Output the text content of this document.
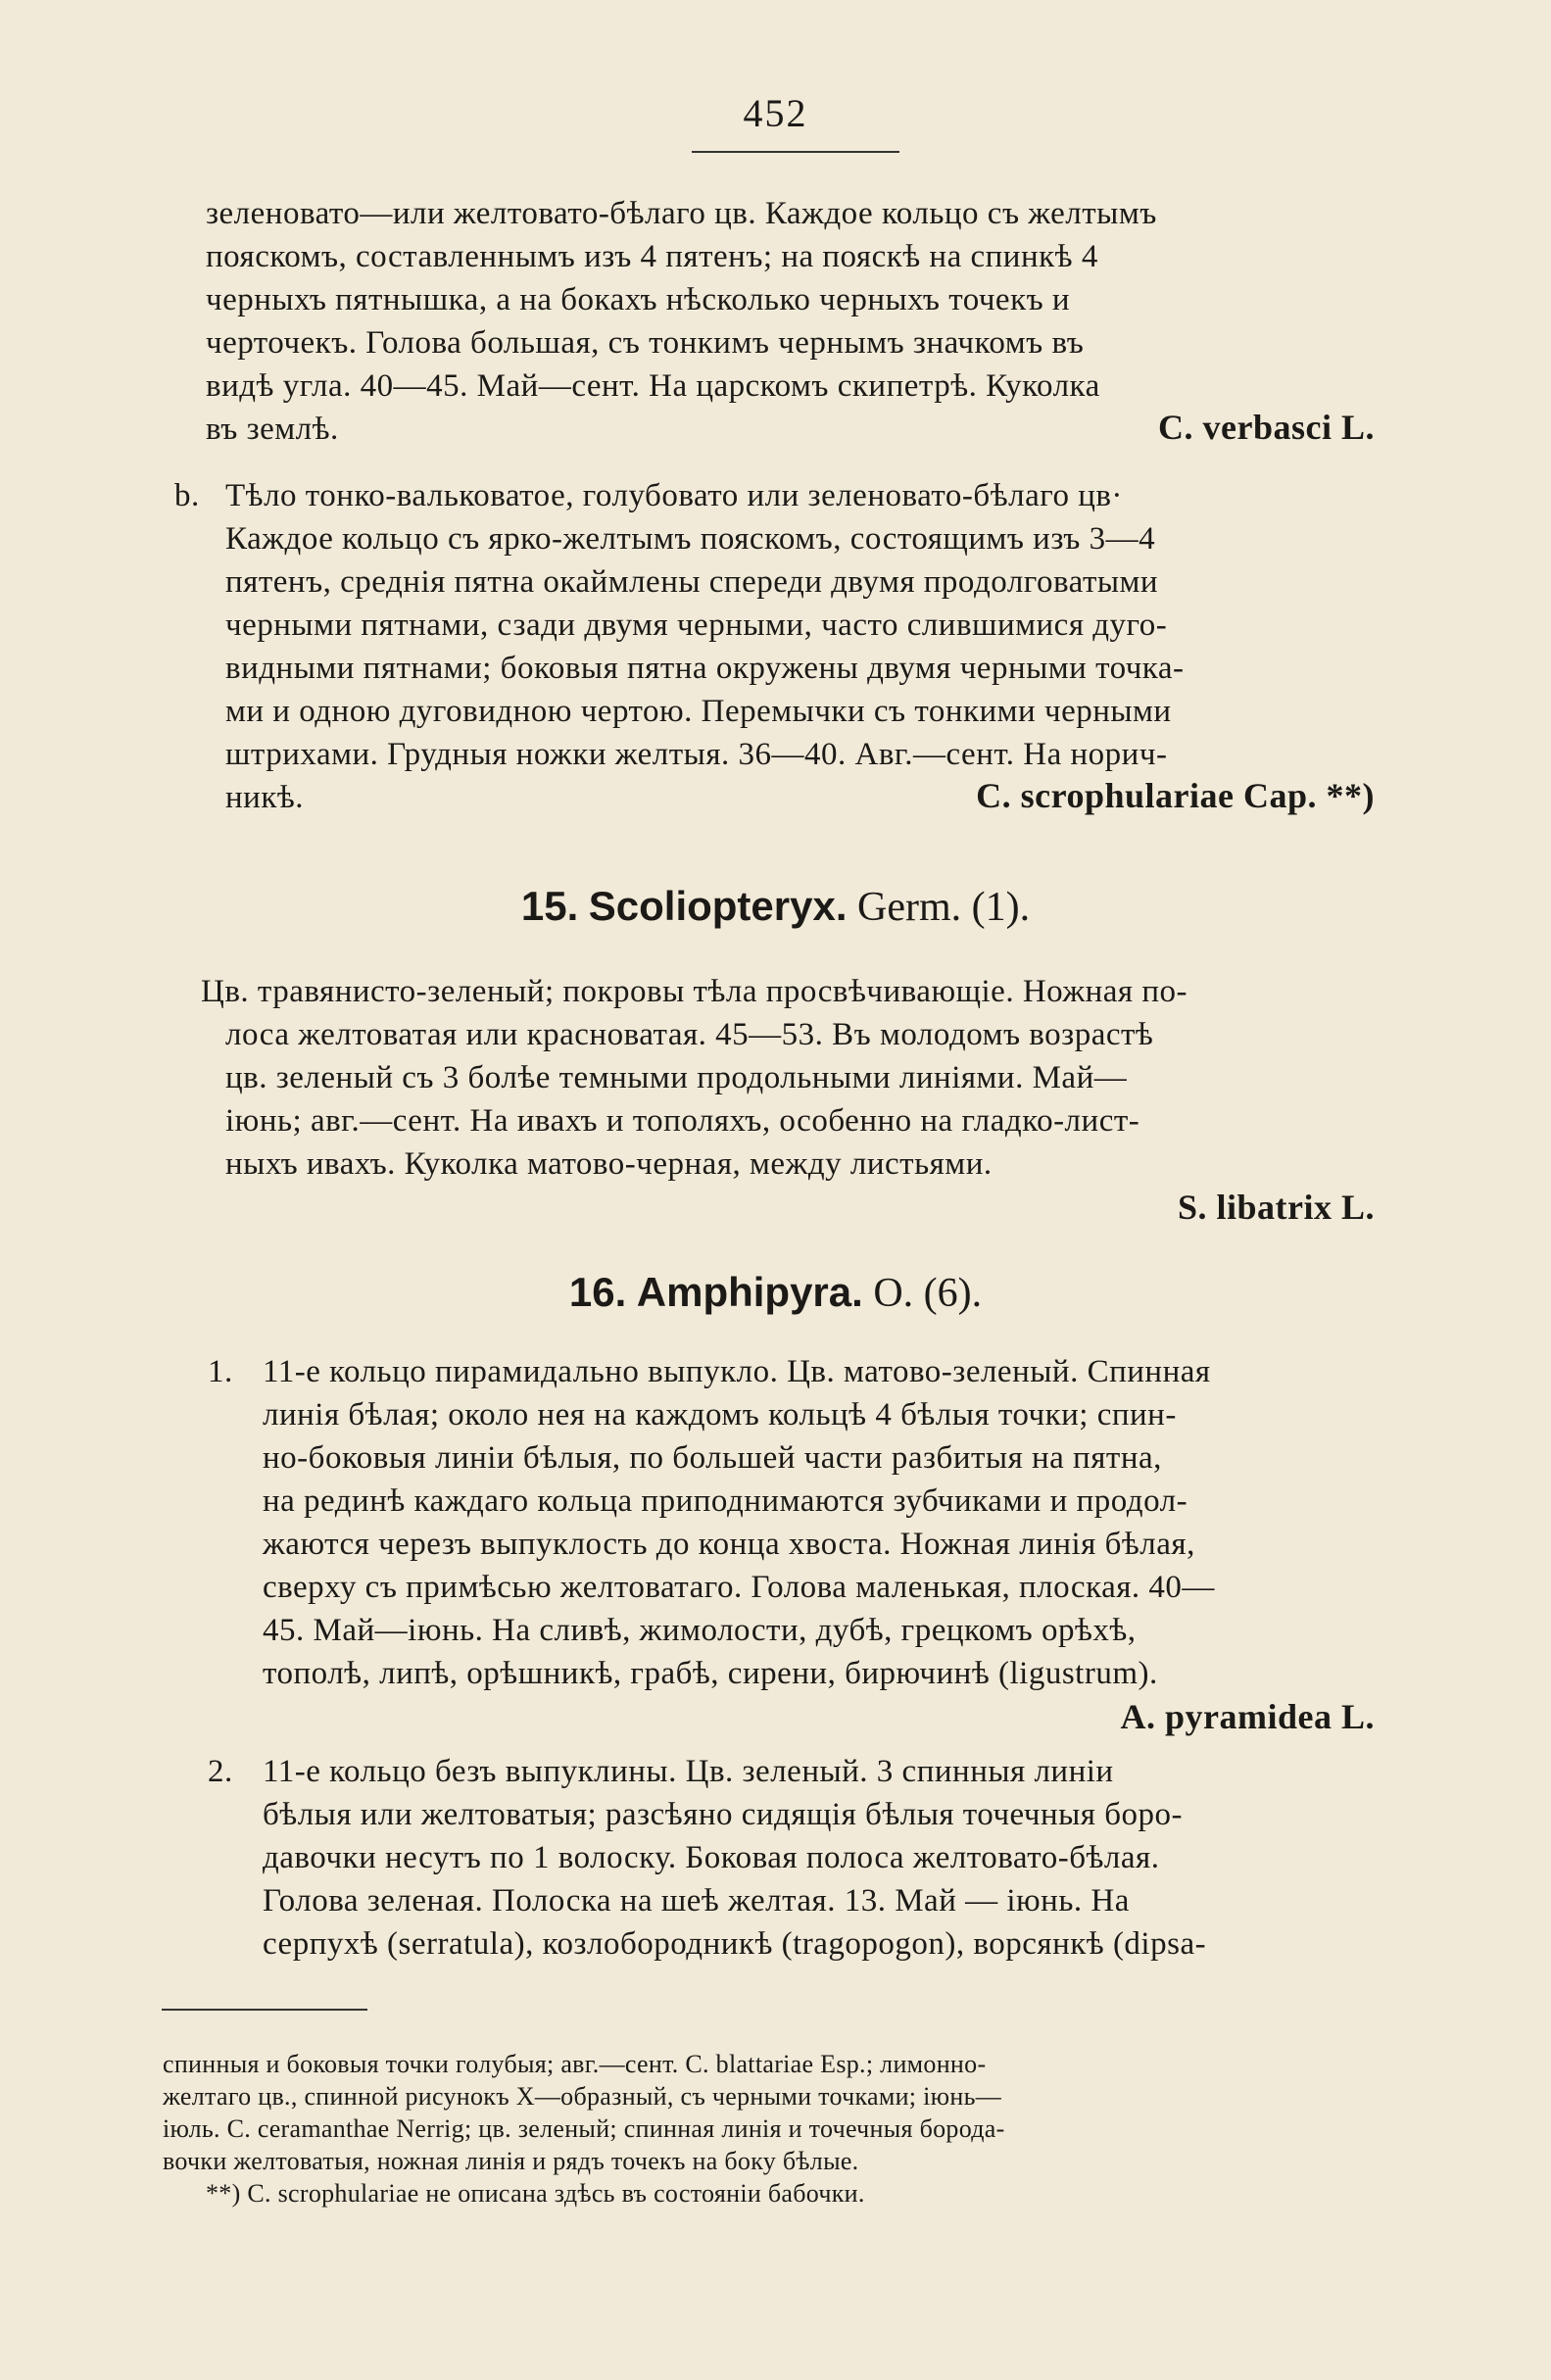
452
зеленовато—или желтовато-бѣлаго цв. Каждое кольцо съ желтымъ
пояскомъ, составленнымъ изъ 4 пятенъ; на пояскѣ на спинкѣ 4
черныхъ пятнышка, а на бокахъ нѣсколько черныхъ точекъ и
черточекъ. Голова большая, съ тонкимъ чернымъ значкомъ въ
видѣ угла. 40—45. Май—сент. На царскомъ скипетрѣ. Куколка
въ землѣ.	C. verbasci L.
b. Тѣло тонко-вальковатое, голубовато или зеленовато-бѣлаго цв·
Каждое кольцо съ ярко-желтымъ пояскомъ, состоящимъ изъ 3—4
пятенъ, среднія пятна окаймлены спереди двумя продолговатыми
черными пятнами, сзади двумя черными, часто слившимися дуго-
видными пятнами; боковыя пятна окружены двумя черными точка-
ми и одною дуговидною чертою. Перемычки съ тонкими черными
штрихами. Грудныя ножки желтыя. 36—40. Авг.—сент. На норич-
никѣ.	C. scrophulariae Cap. **)
15. Scoliopteryx. Germ. (1).
Цв. травянисто-зеленый; покровы тѣла просвѣчивающіе. Ножная по-
лоса желтоватая или красноватая. 45—53. Въ молодомъ возрастѣ
цв. зеленый съ 3 болѣе темными продольными линіями. Май—
іюнь; авг.—сент. На ивахъ и тополяхъ, особенно на гладко-лист-
ныхъ ивахъ. Куколка матово-черная, между листьями.
S. libatrix L.
16. Amphipyra. O. (6).
1. 11-е кольцо пирамидально выпукло. Цв. матово-зеленый. Спинная
линія бѣлая; около нея на каждомъ кольцѣ 4 бѣлыя точки; спин-
но-боковыя линіи бѣлыя, по большей части разбитыя на пятна,
на рединѣ каждаго кольца приподнимаются зубчиками и продол-
жаются черезъ выпуклость до конца хвоста. Ножная линія бѣлая,
сверху съ примѣсью желтоватаго. Голова маленькая, плоская. 40—
45. Май—іюнь. На сливѣ, жимолости, дубѣ, грецкомъ орѣхѣ,
тополѣ, липѣ, орѣшникѣ, грабѣ, сирени, бирючинѣ (ligustrum).
A. pyramidea L.
2. 11-е кольцо безъ выпуклины. Цв. зеленый. 3 спинныя линіи
бѣлыя или желтоватыя; разсѣяно сидящія бѣлыя точечныя боро-
давочки несутъ по 1 волоску. Боковая полоса желтовато-бѣлая.
Голова зеленая. Полоска на шеѣ желтая. 13. Май — іюнь. На
серпухѣ (serratula), козлобородникѣ (tragopogon), ворсянкѣ (dipsa-
спинныя и боковыя точки голубыя; авг.—сент. C. blattariae Esp.; лимонно-
желтаго цв., спинной рисунокъ X—образный, съ черными точками; іюнь—
іюль. C. ceramanthae Nerrig; цв. зеленый; спинная линія и точечныя борода-
вочки желтоватыя, ножная линія и рядъ точекъ на боку бѣлые.
**) C. scrophulariae не описана здѣсь въ состояніи бабочки.
